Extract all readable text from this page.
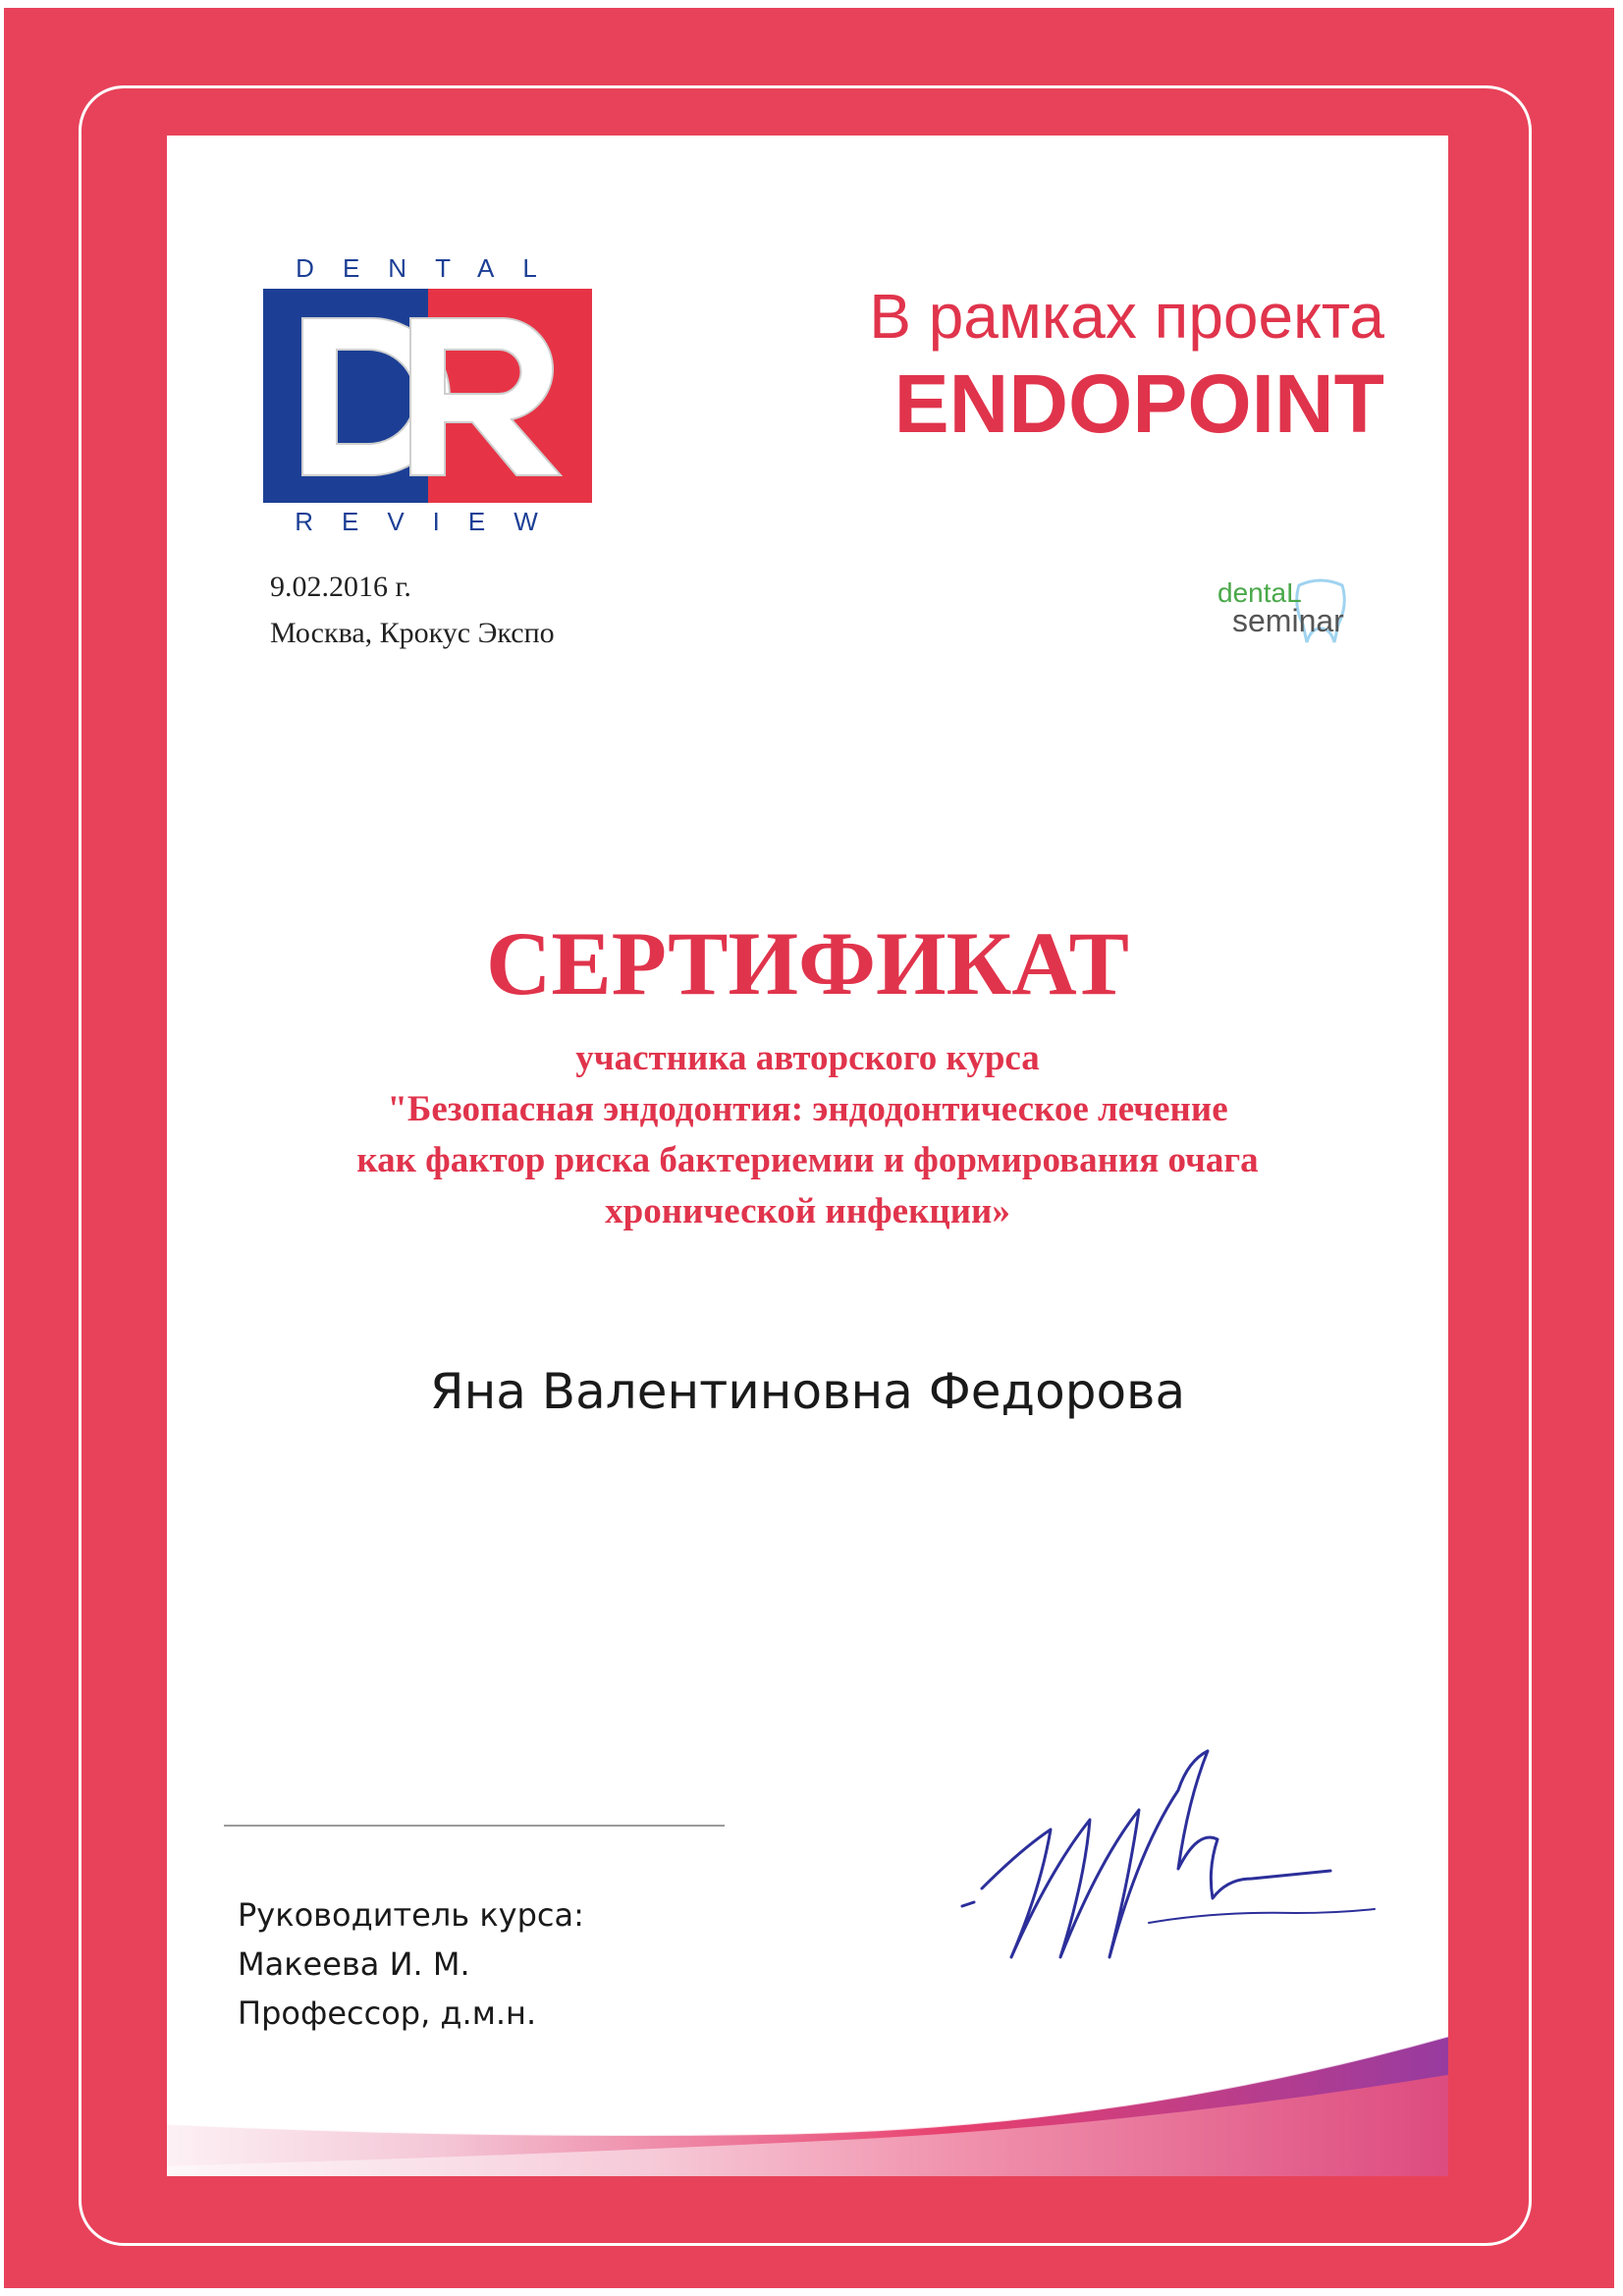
DENTAL
REVIEW
В рамках проекта
ENDOPOINT
9.02.2016 г.
Москва, Крокус Экспо
dentaL
seminar
СЕРТИФИКАТ
участника авторского курса
"Безопасная эндодонтия: эндодонтическое лечение
как фактор риска бактериемии и формирования очага
хронической инфекции»
Яна Валентиновна Федорова
Руководитель курса:
Макеева И. М.
Профессор, д.м.н.
